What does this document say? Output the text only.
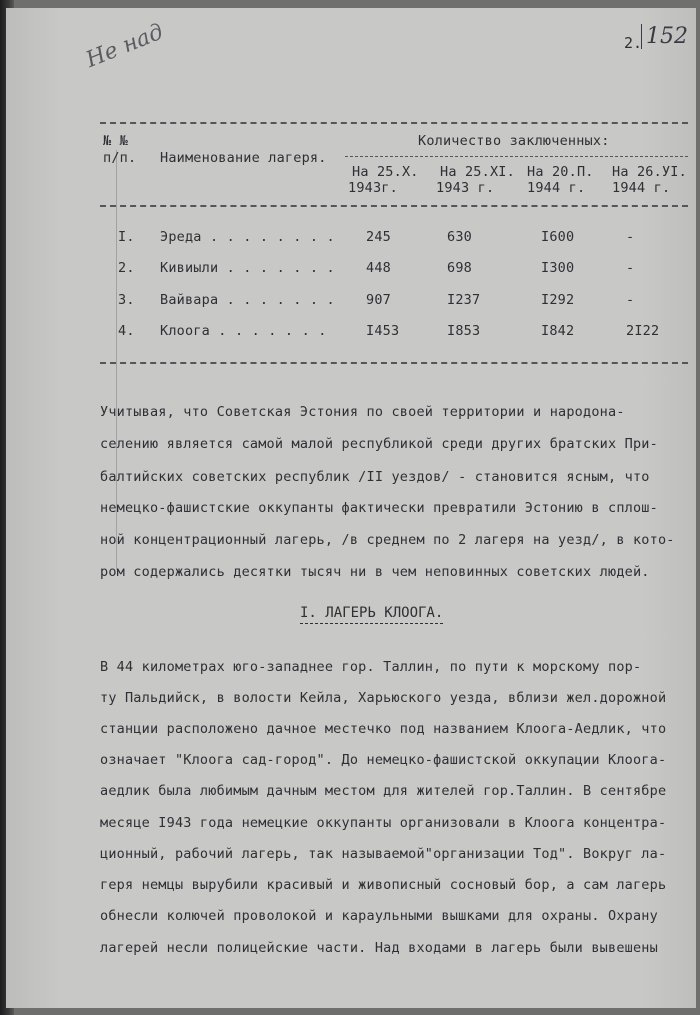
Не над	2. 152
№ №
п/п. Наименование лагеря.
Количество заключенных:
На 25.Х.
1943г.
На 25.XI.
1943 г.
На 20.П.
1944 г.
На 26.УI.
1944 г.
I. Эреда . . . . . . . . 245	630	I600	-
2. Кивиыли . . . . . . . 448	698	I300	-
3. Вайвара . . . . . . . 907	I237	I292	-
4. Клоога . . . . . . .	I453	I853	I842	2I22
Учитывая, что Советская Эстония по своей территории и народона-
селению является самой малой республикой среди других братских При-
балтийских советских республик /II уездов/ - становится ясным, что
немецко-фашистские оккупанты фактически превратили Эстонию в сплош-
ной концентрационный лагерь, /в среднем по 2 лагеря на уезд/, в кото-
ром содержались десятки тысяч ни в чем неповинных советских людей.
I. ЛАГЕРЬ КЛООГА.
В 44 километрах юго-западнее гор. Таллин, по пути к морскому пор-
ту Пальдийск, в волости Кейла, Харьюского уезда, вблизи жел.дорожной
станции расположено дачное местечко под названием Клоога-Аедлик, что
означает "Клоога сад-город". До немецко-фашистской оккупации Клоога-
аедлик была любимым дачным местом для жителей гор.Таллин. В сентябре
месяце I943 года немецкие оккупанты организовали в Клоога концентра-
ционный, рабочий лагерь, так называемой"организации Тод". Вокруг ла-
геря немцы вырубили красивый и живописный сосновый бор, а сам лагерь
обнесли колючей проволокой и караульными вышками для охраны. Охрану
лагерей несли полицейские части. Над входами в лагерь были вывешены
